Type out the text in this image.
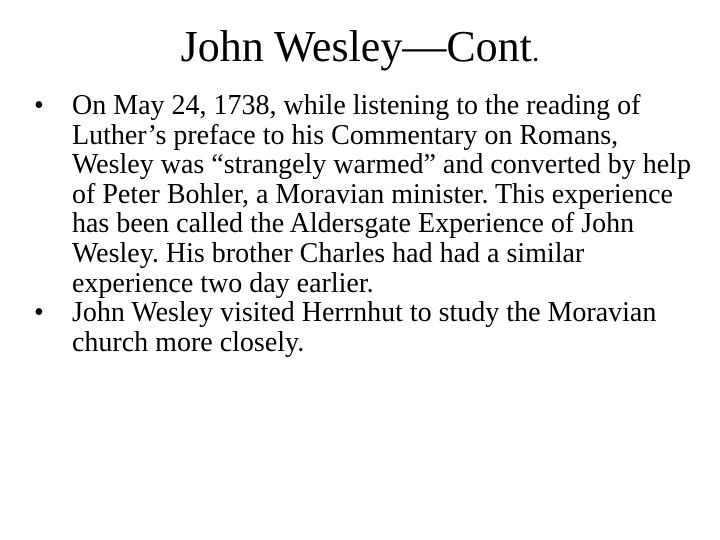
John Wesley—Cont.
•	On May 24, 1738, while listening to the reading of Luther’s preface to his Commentary on Romans, Wesley was “strangely warmed” and converted by help of Peter Bohler, a Moravian minister. This experience has been called the Aldersgate Experience of John Wesley. His brother Charles had had a similar experience two day earlier.
•	John Wesley visited Herrnhut to study the Moravian church more closely.
